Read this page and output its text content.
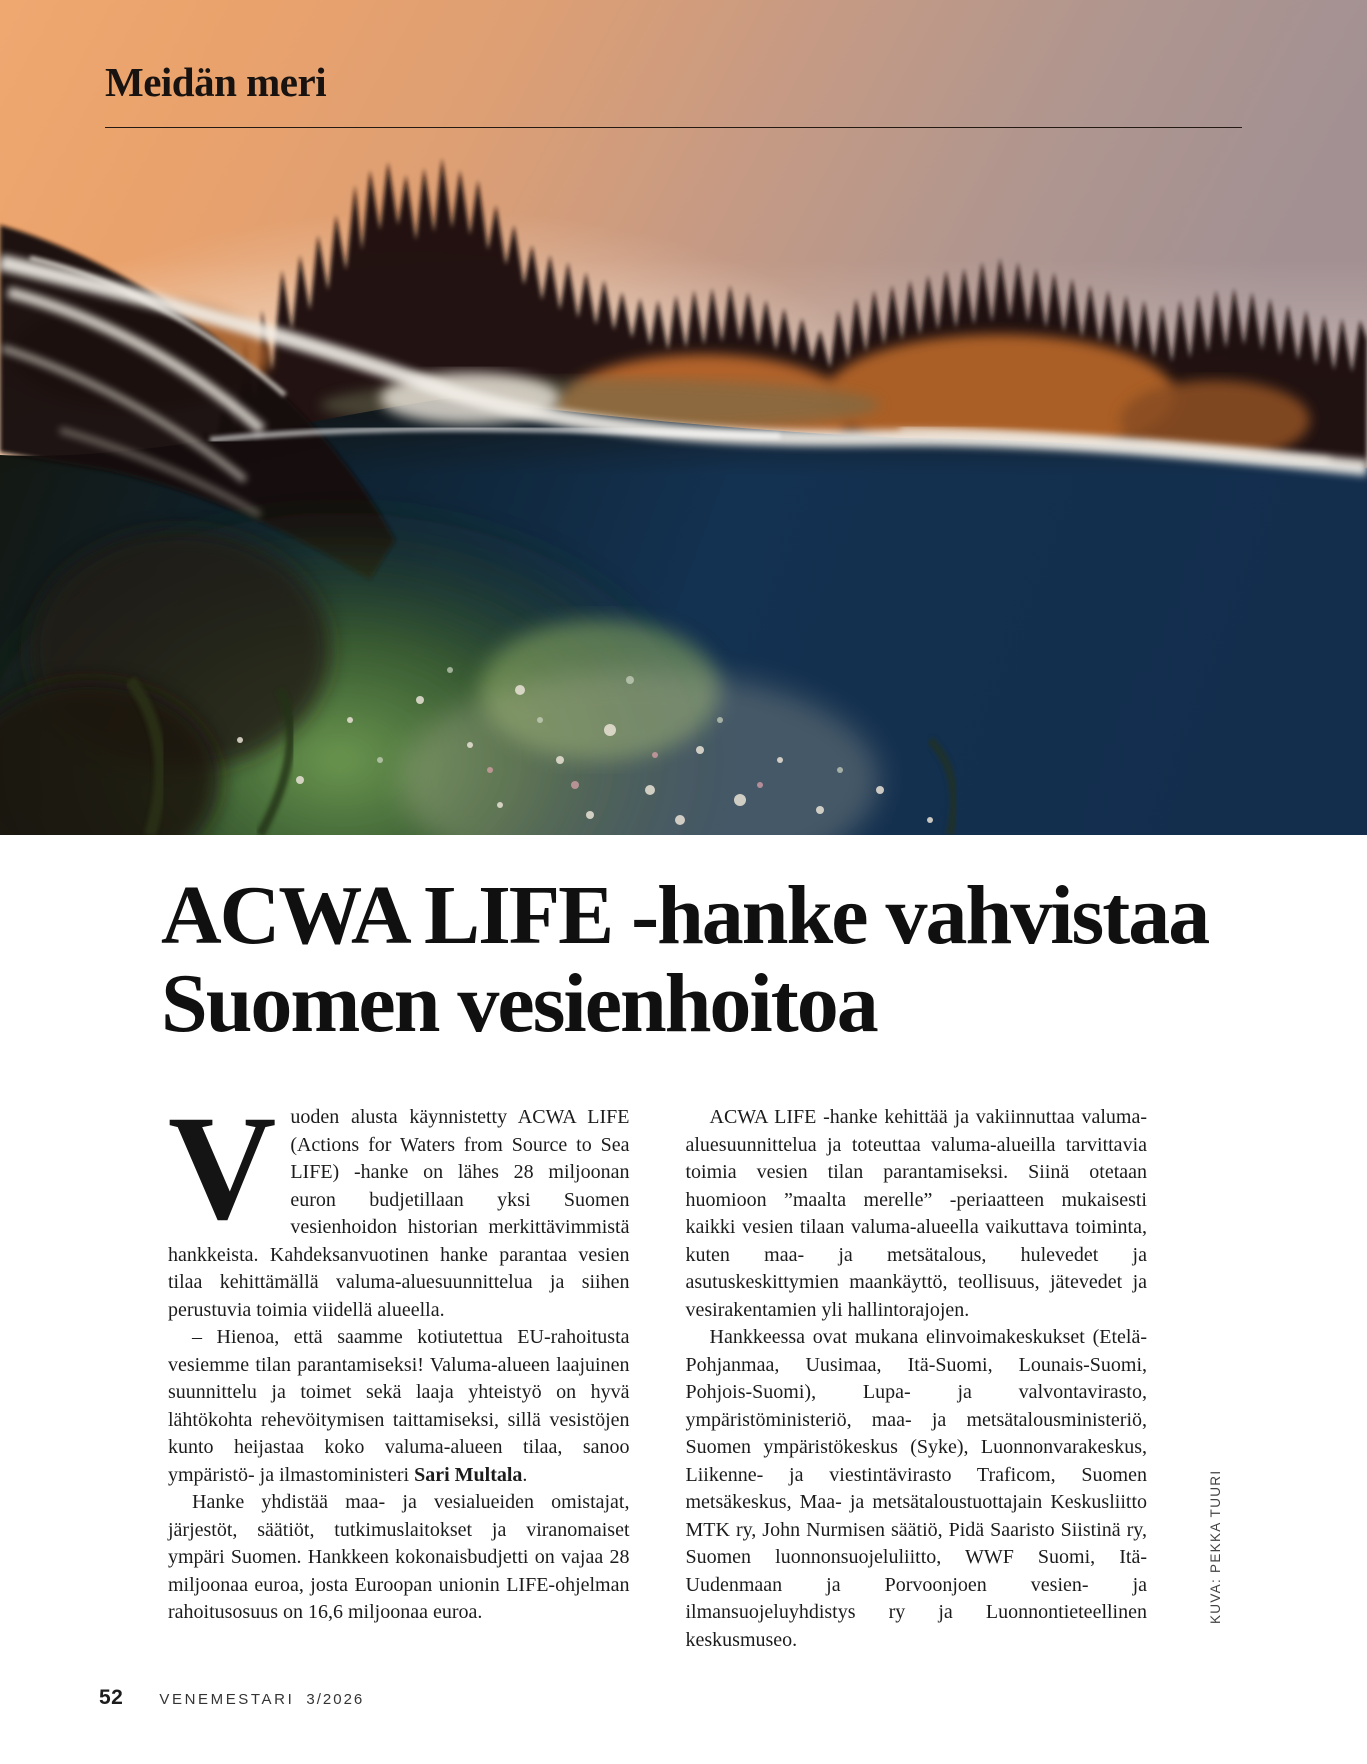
Meidän meri
ACWA LIFE -hanke vahvistaa
Suomen vesienhoitoa

Vuoden alusta käynnistetty ACWA LIFE (Actions for Waters from Source to Sea LIFE) -hanke on lähes 28 miljoonan euron budjetillaan yksi Suomen vesienhoidon historian merkittävimmistä hankkeista. Kahdeksanvuotinen hanke parantaa vesien tilaa kehittämällä valuma-aluesuunnittelua ja siihen perustuvia toimia viidellä alueella.

– Hienoa, että saamme kotiutettua EU-rahoitusta vesiemme tilan parantamiseksi! Valuma-alueen laajuinen suunnittelu ja toimet sekä laaja yhteistyö on hyvä lähtökohta rehevöitymisen taittamiseksi, sillä vesistöjen kunto heijastaa koko valuma-alueen tilaa, sanoo ympäristö- ja ilmastoministeri Sari Multala.

Hanke yhdistää maa- ja vesialueiden omistajat, järjestöt, säätiöt, tutkimuslaitokset ja viranomaiset ympäri Suomen. Hankkeen kokonaisbudjetti on vajaa 28 miljoonaa euroa, josta Euroopan unionin LIFE-ohjelman rahoitusosuus on 16,6 miljoonaa euroa.

ACWA LIFE -hanke kehittää ja vakiinnuttaa valuma-aluesuunnittelua ja toteuttaa valuma-alueilla tarvittavia toimia vesien tilan parantamiseksi. Siinä otetaan huomioon ”maalta merelle” -periaatteen mukaisesti kaikki vesien tilaan valuma-alueella vaikuttava toiminta, kuten maa- ja metsätalous, hulevedet ja asutuskeskittymien maankäyttö, teollisuus, jätevedet ja vesirakentamien yli hallintorajojen.

Hankkeessa ovat mukana elinvoimakeskukset (Etelä-Pohjanmaa, Uusimaa, Itä-Suomi, Lounais-Suomi, Pohjois-Suomi), Lupa- ja valvontavirasto, ympäristöministeriö, maa- ja metsätalousministeriö, Suomen ympäristökeskus (Syke), Luonnonvarakeskus, Liikenne- ja viestintävirasto Traficom, Suomen metsäkeskus, Maa- ja metsätaloustuottajain Keskusliitto MTK ry, John Nurmisen säätiö, Pidä Saaristo Siistinä ry, Suomen luonnonsuojeluliitto, WWF Suomi, Itä-Uudenmaan ja Porvoonjoen vesien- ja ilmansuojeluyhdistys ry ja Luonnontieteellinen keskusmuseo.

KUVA: PEKKA TUURI
52 VENEMESTARI 3/2026
